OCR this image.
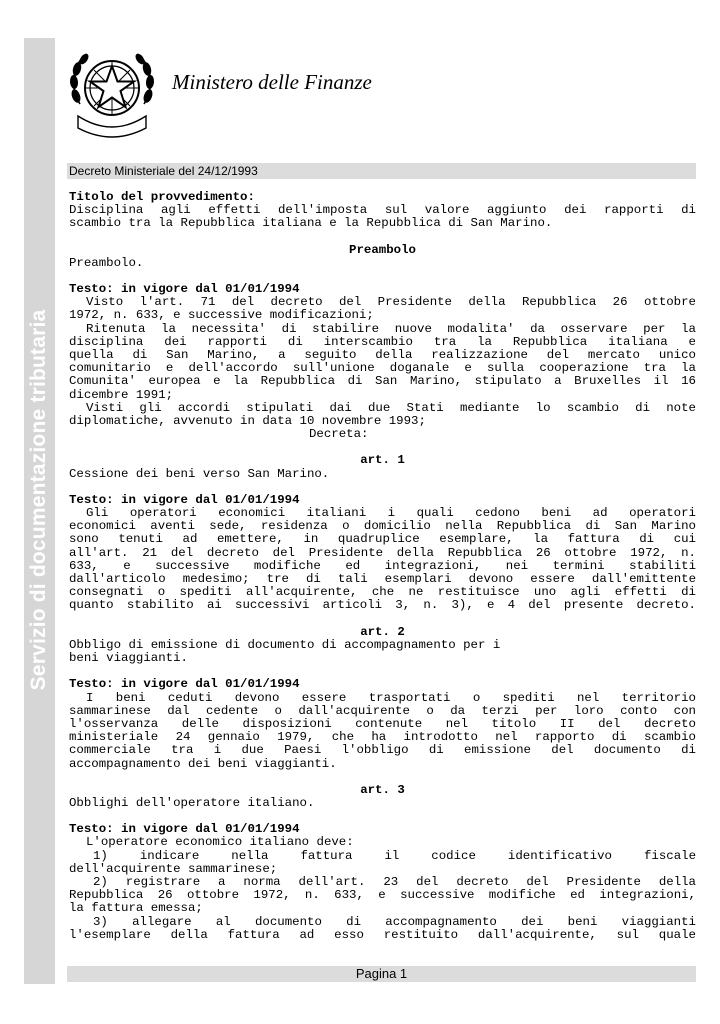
Servizio di documentazione tributaria
Ministero delle Finanze
Decreto Ministeriale del 24/12/1993
Titolo del provvedimento:
Disciplina agli effetti dell'imposta sul valore aggiunto dei rapporti di
scambio tra la Repubblica italiana e la Repubblica di San Marino.
Preambolo
Preambolo.
Testo: in vigore dal 01/01/1994
Visto l'art. 71 del decreto del Presidente della Repubblica 26 ottobre
1972, n. 633, e successive modificazioni;
Ritenuta la necessita' di stabilire nuove modalita' da osservare per la
disciplina dei rapporti di interscambio tra la Repubblica italiana e
quella di San Marino, a seguito della realizzazione del mercato unico
comunitario e dell'accordo sull'unione doganale e sulla cooperazione tra la
Comunita' europea e la Repubblica di San Marino, stipulato a Bruxelles il 16
dicembre 1991;
Visti gli accordi stipulati dai due Stati mediante lo scambio di note
diplomatiche, avvenuto in data 10 novembre 1993;
Decreta:
art. 1
Cessione dei beni verso San Marino.
Testo: in vigore dal 01/01/1994
Gli operatori economici italiani i quali cedono beni ad operatori
economici aventi sede, residenza o domicilio nella Repubblica di San Marino
sono tenuti ad emettere, in quadruplice esemplare, la fattura di cui
all'art. 21 del decreto del Presidente della Repubblica 26 ottobre 1972, n.
633, e successive modifiche ed integrazioni, nei termini stabiliti
dall'articolo medesimo; tre di tali esemplari devono essere dall'emittente
consegnati o spediti all'acquirente, che ne restituisce uno agli effetti di
quanto stabilito ai successivi articoli 3, n. 3), e 4 del presente decreto.
art. 2
Obbligo di emissione di documento di accompagnamento per i
beni viaggianti.
Testo: in vigore dal 01/01/1994
I beni ceduti devono essere trasportati o spediti nel territorio
sammarinese dal cedente o dall'acquirente o da terzi per loro conto con
l'osservanza delle disposizioni contenute nel titolo II del decreto
ministeriale 24 gennaio 1979, che ha introdotto nel rapporto di scambio
commerciale tra i due Paesi l'obbligo di emissione del documento di
accompagnamento dei beni viaggianti.
art. 3
Obblighi dell'operatore italiano.
Testo: in vigore dal 01/01/1994
L'operatore economico italiano deve:
1) indicare nella fattura il codice identificativo fiscale
dell'acquirente sammarinese;
2) registrare a norma dell'art. 23 del decreto del Presidente della
Repubblica 26 ottobre 1972, n. 633, e successive modifiche ed integrazioni,
la fattura emessa;
3) allegare al documento di accompagnamento dei beni viaggianti
l'esemplare della fattura ad esso restituito dall'acquirente, sul quale
Pagina 1
